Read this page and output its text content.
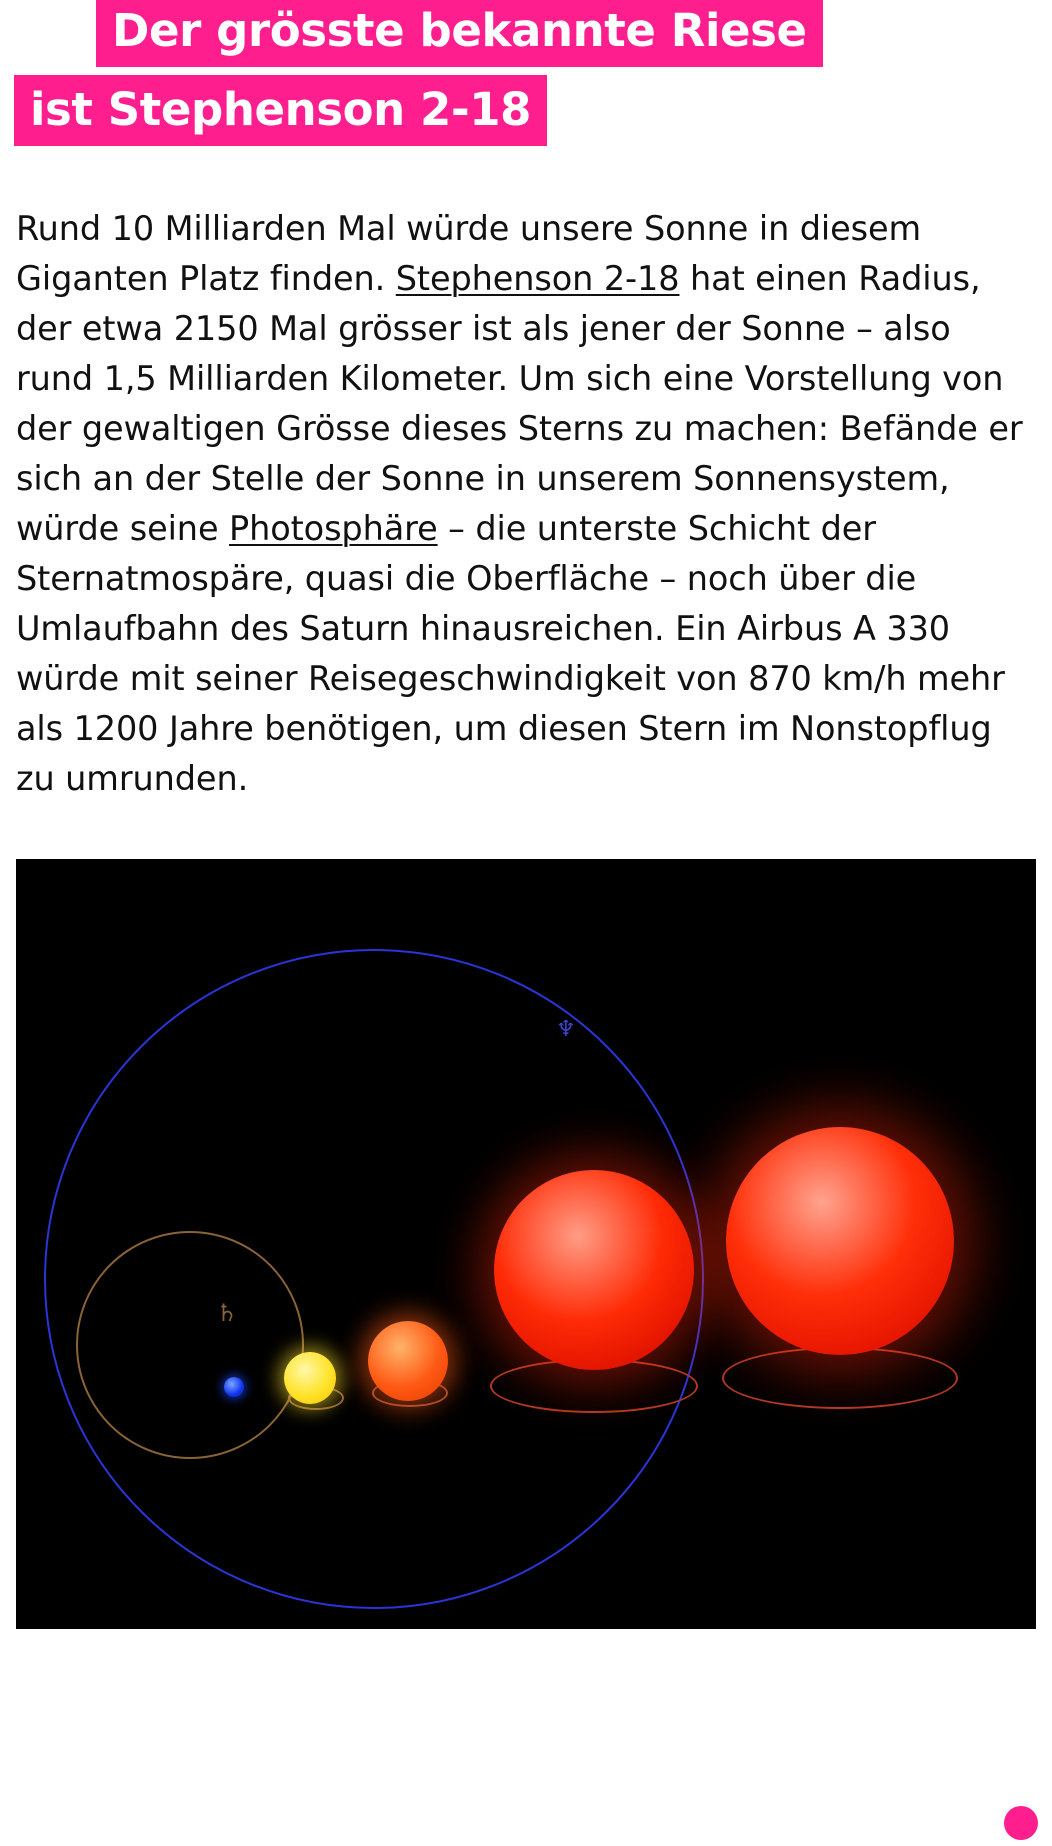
Der grösste bekannte Riese ist Stephenson 2-18
Rund 10 Milliarden Mal würde unsere Sonne in diesem Giganten Platz finden. Stephenson 2-18 hat einen Radius, der etwa 2150 Mal grösser ist als jener der Sonne – also rund 1,5 Milliarden Kilometer. Um sich eine Vorstellung von der gewaltigen Grösse dieses Sterns zu machen: Befände er sich an der Stelle der Sonne in unserem Sonnensystem, würde seine Photosphäre – die unterste Schicht der Sternatmospäre, quasi die Oberfläche – noch über die Umlaufbahn des Saturn hinausreichen. Ein Airbus A 330 würde mit seiner Reisegeschwindigkeit von 870 km/h mehr als 1200 Jahre benötigen, um diesen Stern im Nonstopflug zu umrunden.
♆
♄
